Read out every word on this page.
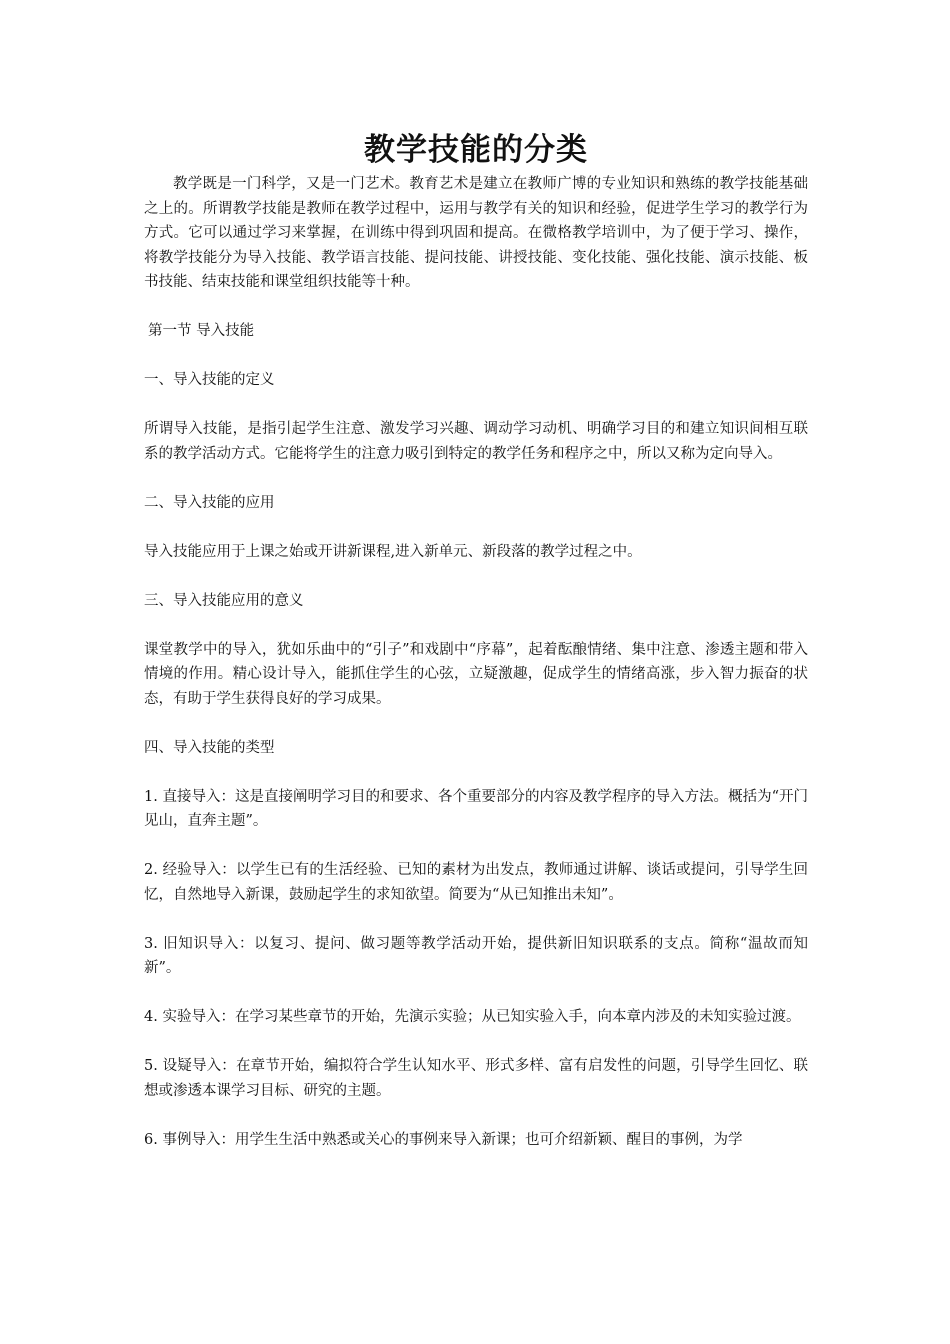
教学技能的分类

教学既是一门科学，又是一门艺术。教育艺术是建立在教师广博的专业知识和熟练的教学技能基础之上的。所谓教学技能是教师在教学过程中，运用与教学有关的知识和经验，促进学生学习的教学行为方式。它可以通过学习来掌握，在训练中得到巩固和提高。在微格教学培训中，为了便于学习、操作，将教学技能分为导入技能、教学语言技能、提问技能、讲授技能、变化技能、强化技能、演示技能、板书技能、结束技能和课堂组织技能等十种。

第一节 导入技能

一、导入技能的定义

所谓导入技能，是指引起学生注意、激发学习兴趣、调动学习动机、明确学习目的和建立知识间相互联系的教学活动方式。它能将学生的注意力吸引到特定的教学任务和程序之中，所以又称为定向导入。

二、导入技能的应用

导入技能应用于上课之始或开讲新课程,进入新单元、新段落的教学过程之中。

三、导入技能应用的意义

课堂教学中的导入，犹如乐曲中的“引子”和戏剧中“序幕”，起着酝酿情绪、集中注意、渗透主题和带入情境的作用。精心设计导入，能抓住学生的心弦，立疑激趣，促成学生的情绪高涨，步入智力振奋的状态，有助于学生获得良好的学习成果。

四、导入技能的类型

1. 直接导入：这是直接阐明学习目的和要求、各个重要部分的内容及教学程序的导入方法。概括为“开门见山，直奔主题”。

2. 经验导入：以学生已有的生活经验、已知的素材为出发点，教师通过讲解、谈话或提问，引导学生回忆，自然地导入新课，鼓励起学生的求知欲望。简要为“从已知推出未知”。

3. 旧知识导入：以复习、提问、做习题等教学活动开始，提供新旧知识联系的支点。简称“温故而知新”。

4. 实验导入：在学习某些章节的开始，先演示实验；从已知实验入手，向本章内涉及的未知实验过渡。

5. 设疑导入：在章节开始，编拟符合学生认知水平、形式多样、富有启发性的问题，引导学生回忆、联想或渗透本课学习目标、研究的主题。

6. 事例导入：用学生生活中熟悉或关心的事例来导入新课；也可介绍新颖、醒目的事例，为学
